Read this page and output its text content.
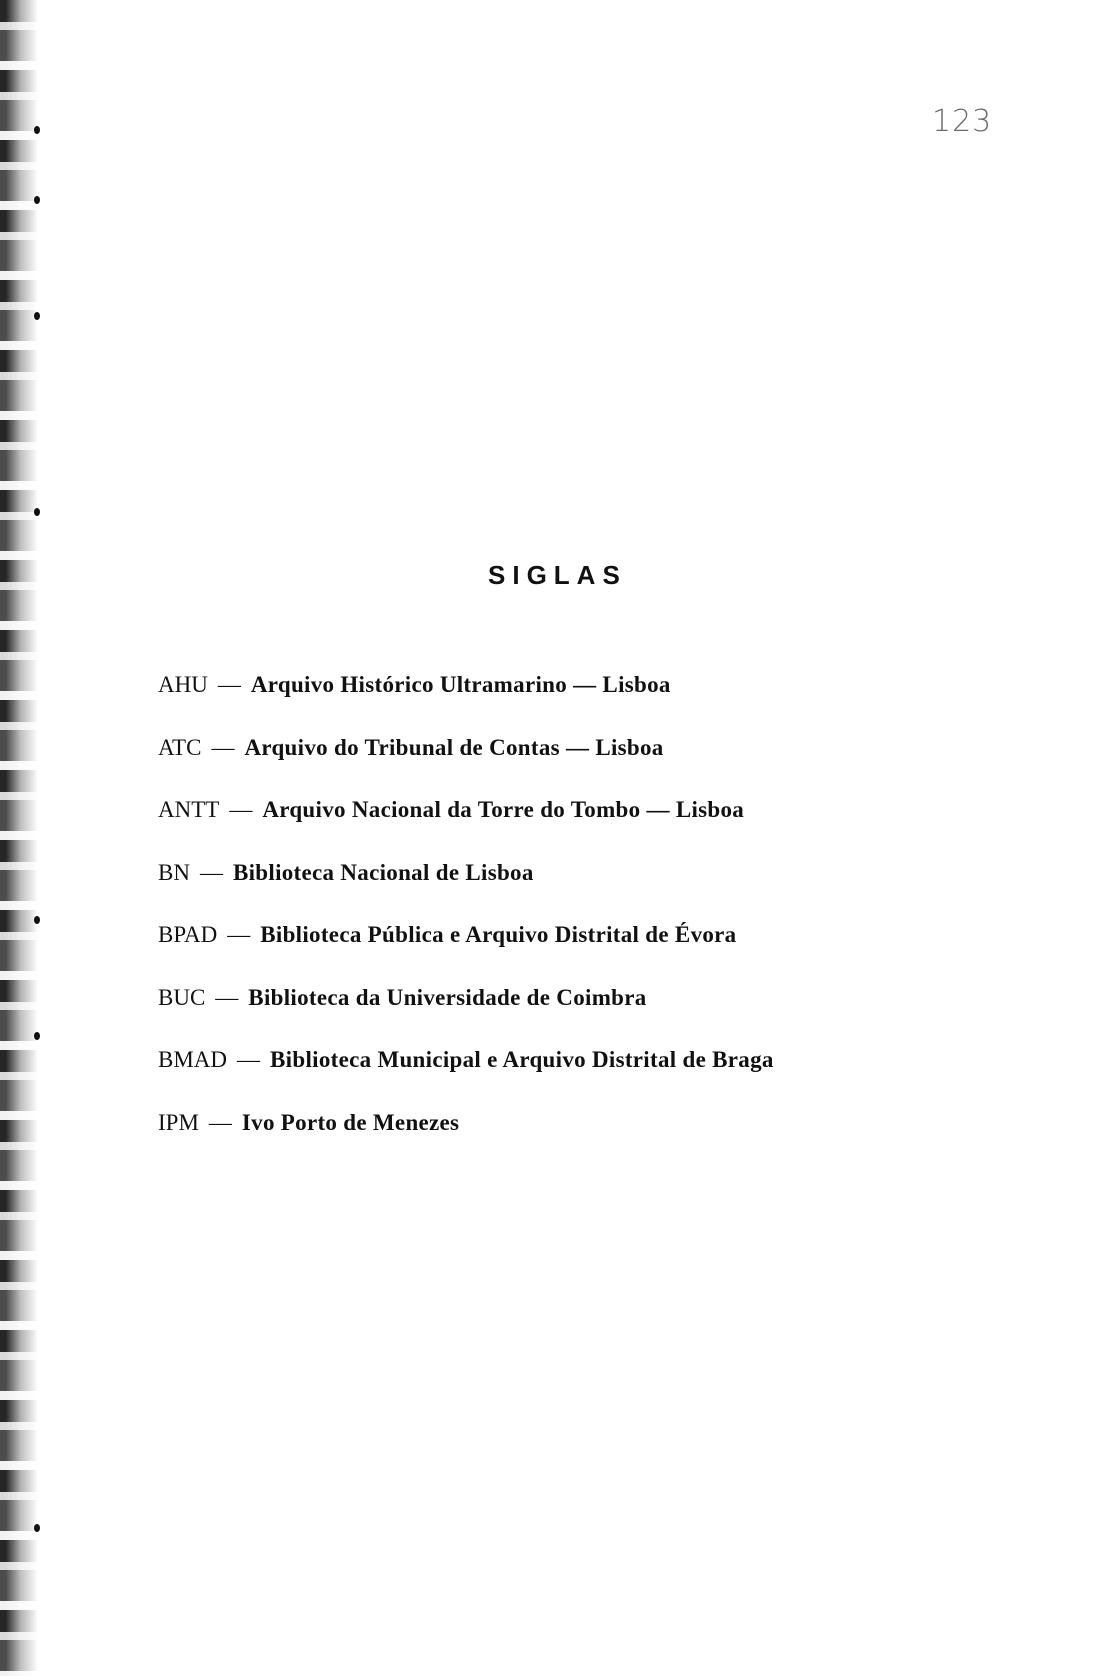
123
SIGLAS
AHU — Arquivo Histórico Ultramarino — Lisboa
ATC — Arquivo do Tribunal de Contas — Lisboa
ANTT — Arquivo Nacional da Torre do Tombo — Lisboa
BN — Biblioteca Nacional de Lisboa
BPAD — Biblioteca Pública e Arquivo Distrital de Évora
BUC — Biblioteca da Universidade de Coimbra
BMAD — Biblioteca Municipal e Arquivo Distrital de Braga
IPM — Ivo Porto de Menezes
